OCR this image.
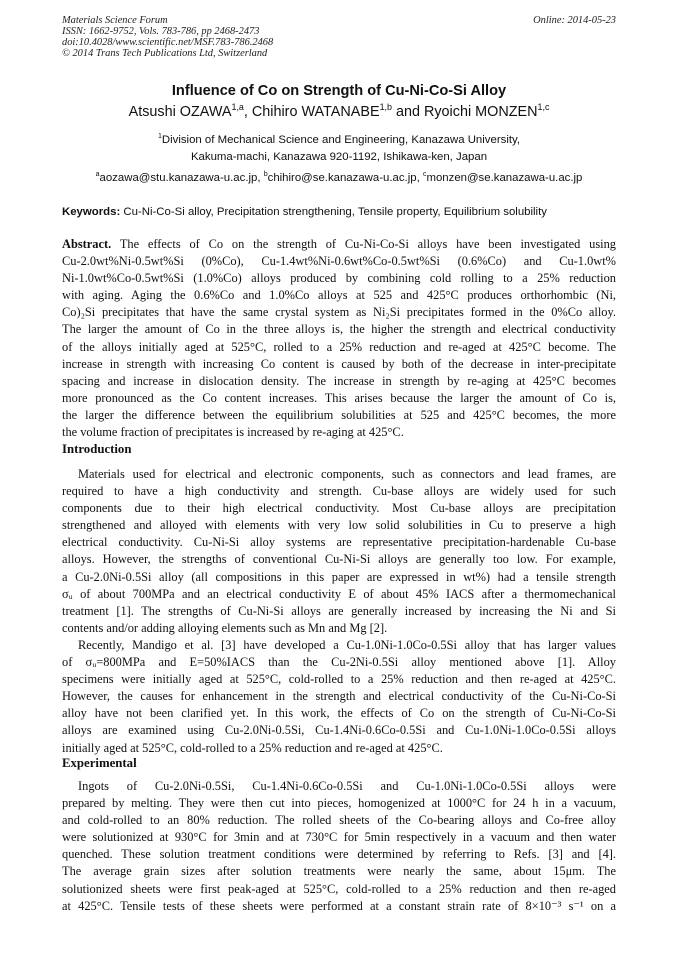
Materials Science Forum
ISSN: 1662-9752, Vols. 783-786, pp 2468-2473
doi:10.4028/www.scientific.net/MSF.783-786.2468
© 2014 Trans Tech Publications Ltd, Switzerland
Online: 2014-05-23
Influence of Co on Strength of Cu-Ni-Co-Si Alloy
Atsushi OZAWA$^{1,a}$, Chihiro WATANABE$^{1,b}$ and Ryoichi MONZEN$^{1,c}$
$^1$Division of Mechanical Science and Engineering, Kanazawa University,
Kakuma-machi, Kanazawa 920-1192, Ishikawa-ken, Japan
$^a$aozawa@stu.kanazawa-u.ac.jp, $^b$chihiro@se.kanazawa-u.ac.jp, $^c$monzen@se.kanazawa-u.ac.jp
Keywords: Cu-Ni-Co-Si alloy, Precipitation strengthening, Tensile property, Equilibrium solubility
Abstract. The effects of Co on the strength of Cu-Ni-Co-Si alloys have been investigated using
Cu-2.0wt%Ni-0.5wt%Si (0%Co), Cu-1.4wt%Ni-0.6wt%Co-0.5wt%Si (0.6%Co) and Cu-1.0wt%
Ni-1.0wt%Co-0.5wt%Si (1.0%Co) alloys produced by combining cold rolling to a 25% reduction
with aging. Aging the 0.6%Co and 1.0%Co alloys at 525 and 425°C produces orthorhombic (Ni,
Co)₂Si precipitates that have the same crystal system as Ni₂Si precipitates formed in the 0%Co alloy.
The larger the amount of Co in the three alloys is, the higher the strength and electrical conductivity
of the alloys initially aged at 525°C, rolled to a 25% reduction and re-aged at 425°C become. The
increase in strength with increasing Co content is caused by both of the decrease in inter-precipitate
spacing and increase in dislocation density. The increase in strength by re-aging at 425°C becomes
more pronounced as the Co content increases. This arises because the larger the amount of Co is,
the larger the difference between the equilibrium solubilities at 525 and 425°C becomes, the more
the volume fraction of precipitates is increased by re-aging at 425°C.
Introduction
Materials used for electrical and electronic components, such as connectors and lead frames, are
required to have a high conductivity and strength. Cu-base alloys are widely used for such
components due to their high electrical conductivity. Most Cu-base alloys are precipitation
strengthened and alloyed with elements with very low solid solubilities in Cu to preserve a high
electrical conductivity. Cu-Ni-Si alloy systems are representative precipitation-hardenable Cu-base
alloys. However, the strengths of conventional Cu-Ni-Si alloys are generally too low. For example,
a Cu-2.0Ni-0.5Si alloy (all compositions in this paper are expressed in wt%) had a tensile strength
σᵤ of about 700MPa and an electrical conductivity E of about 45% IACS after a thermomechanical
treatment [1]. The strengths of Cu-Ni-Si alloys are generally increased by increasing the Ni and Si
contents and/or adding alloying elements such as Mn and Mg [2].
Recently, Mandigo et al. [3] have developed a Cu-1.0Ni-1.0Co-0.5Si alloy that has larger values
of σᵤ=800MPa and E=50%IACS than the Cu-2Ni-0.5Si alloy mentioned above [1]. Alloy
specimens were initially aged at 525°C, cold-rolled to a 25% reduction and then re-aged at 425°C.
However, the causes for enhancement in the strength and electrical conductivity of the Cu-Ni-Co-Si
alloy have not been clarified yet. In this work, the effects of Co on the strength of Cu-Ni-Co-Si
alloys are examined using Cu-2.0Ni-0.5Si, Cu-1.4Ni-0.6Co-0.5Si and Cu-1.0Ni-1.0Co-0.5Si alloys
initially aged at 525°C, cold-rolled to a 25% reduction and re-aged at 425°C.
Experimental
Ingots of Cu-2.0Ni-0.5Si, Cu-1.4Ni-0.6Co-0.5Si and Cu-1.0Ni-1.0Co-0.5Si alloys were
prepared by melting. They were then cut into pieces, homogenized at 1000°C for 24 h in a vacuum,
and cold-rolled to an 80% reduction. The rolled sheets of the Co-bearing alloys and Co-free alloy
were solutionized at 930°C for 3min and at 730°C for 5min respectively in a vacuum and then water
quenched. These solution treatment conditions were determined by referring to Refs. [3] and [4].
The average grain sizes after solution treatments were nearly the same, about 15μm. The
solutionized sheets were first peak-aged at 525°C, cold-rolled to a 25% reduction and then re-aged
at 425°C. Tensile tests of these sheets were performed at a constant strain rate of 8×10⁻³ s⁻¹ on a
